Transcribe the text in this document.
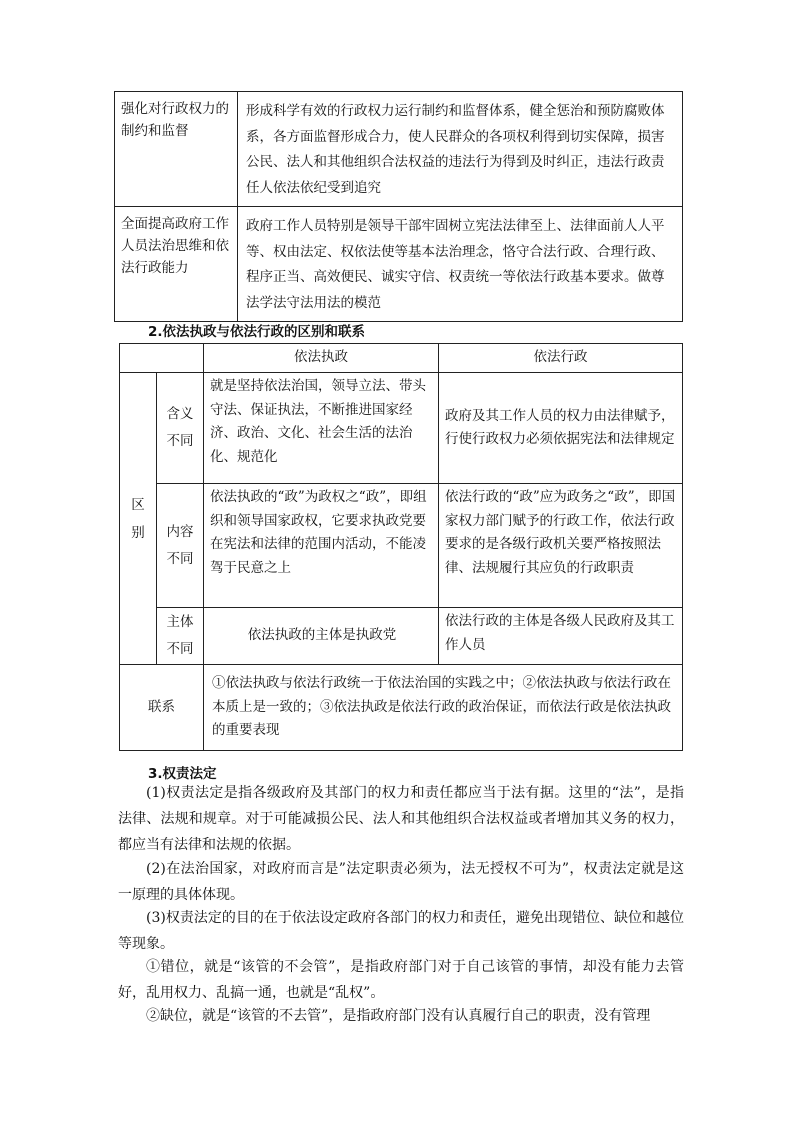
强化对行政权力的制约和监督	形成科学有效的行政权力运行制约和监督体系，健全惩治和预防腐败体系，各方面监督形成合力，使人民群众的各项权利得到切实保障，损害公民、法人和其他组织合法权益的违法行为得到及时纠正，违法行政责任人依法依纪受到追究
全面提高政府工作人员法治思维和依法行政能力	政府工作人员特别是领导干部牢固树立宪法法律至上、法律面前人人平等、权由法定、权依法使等基本法治理念，恪守合法行政、合理行政、程序正当、高效便民、诚实守信、权责统一等依法行政基本要求。做尊法学法守法用法的模范
2.依法执政与依法行政的区别和联系
		依法执政	依法行政

区别	含义不同	就是坚持依法治国，领导立法、带头守法、保证执法，不断推进国家经济、政治、文化、社会生活的法治化、规范化	政府及其工作人员的权力由法律赋予，行使行政权力必须依据宪法和法律规定

	内容不同	依法执政的“政”为政权之“政”，即组织和领导国家政权，它要求执政党要在宪法和法律的范围内活动，不能凌驾于民意之上	依法行政的“政”应为政务之“政”，即国家权力部门赋予的行政工作，依法行政要求的是各级行政机关要严格按照法律、法规履行其应负的行政职责

	主体不同	依法执政的主体是执政党	依法行政的主体是各级人民政府及其工作人员
联系		①依法执政与依法行政统一于依法治国的实践之中；②依法执政与依法行政在本质上是一致的；③依法执政是依法行政的政治保证，而依法行政是依法执政的重要表现	
3.权责法定

(1)权责法定是指各级政府及其部门的权力和责任都应当于法有据。这里的“法”，是指法律、法规和规章。对于可能减损公民、法人和其他组织合法权益或者增加其义务的权力，都应当有法律和法规的依据。

(2)在法治国家，对政府而言是”法定职责必须为，法无授权不可为”，权责法定就是这一原理的具体体现。

(3)权责法定的目的在于依法设定政府各部门的权力和责任，避免出现错位、缺位和越位等现象。

①错位，就是“该管的不会管”，是指政府部门对于自己该管的事情，却没有能力去管好，乱用权力、乱搞一通，也就是“乱权”。

②缺位，就是“该管的不去管”，是指政府部门没有认真履行自己的职责，没有管理
